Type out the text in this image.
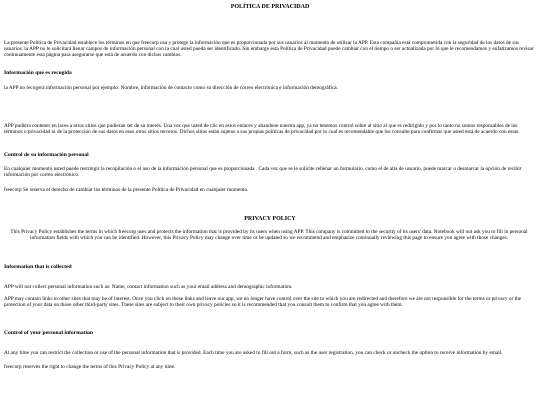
POLÍTICA DE PRIVACIDAD

La presente Política de Privacidad establece los términos en que freecorp usa y protege la información que es proporcionada por sus usuarios al momento de utilizar la APP. Esta compañía está comprometida con la seguridad de los datos de sus usuarios. la APP no le solicitará llenar campos de información personal con la cual usted pueda ser identificado. Sin embargo esta Política de Privacidad puede cambiar con el tiempo o ser actualizada por lo que le recomendamos y enfatizamos revisar continuamente esta página para asegurarse que está de acuerdo con dichos cambios.

Información que es recogida

la APP no recogerá información personal por ejemplo: Nombre, información de contacto como su dirección de correo electrónica e información demográfica.

APP pudiera contener en laces a otros sitios que pudieran ser de su interés. Una vez que usted de clic en estos enlaces y abandone nuestra app, ya no tenemos control sobre al sitio al que es redirigido y por lo tanto no somos responsables de los términos o privacidad ni de la protección de sus datos en esos otros sitios terceros. Dichos sitios están sujetos a sus propias políticas de privacidad por lo cual es recomendable que los consulte para confirmar que usted está de acuerdo con estas.

Control de su información personal

En cualquier momento usted puede restringir la recopilación o el uso de la información personal que es proporcionada . Cada vez que se le solicite rellenar un formulario, como el de alta de usuario, puede marcar o desmarcar la opción de recibir información por correo electrónico.

freecorp Se reserva el derecho de cambiar los términos de la presente Política de Privacidad en cualquier momento.

PRIVACY POLICY

This Privacy Policy establishes the terms in which freecorp uses and protects the information that is provided by its users when using APP. This company is committed to the security of its users' data. Notebook will not ask you to fill in personal information fields with which you can be identified. However, this Privacy Policy may change over time or be updated so we recommend and emphasize continually reviewing this page to ensure you agree with those changes.

Information that is collected

APP will not collect personal information such as: Name, contact information such as your email address and demographic information.

APP may contain links to other sites that may be of interest. Once you click on these links and leave our app, we no longer have control over the site to which you are redirected and therefore we are not responsible for the terms or privacy or the protection of your data on those other third-party sites. These sites are subject to their own privacy policies so it is recommended that you consult them to confirm that you agree with them.

Control of your personal information

At any time you can restrict the collection or use of the personal information that is provided. Each time you are asked to fill out a form, such as the user registration, you can check or uncheck the option to receive information by email.

freecorp reserves the right to change the terms of this Privacy Policy at any time.
